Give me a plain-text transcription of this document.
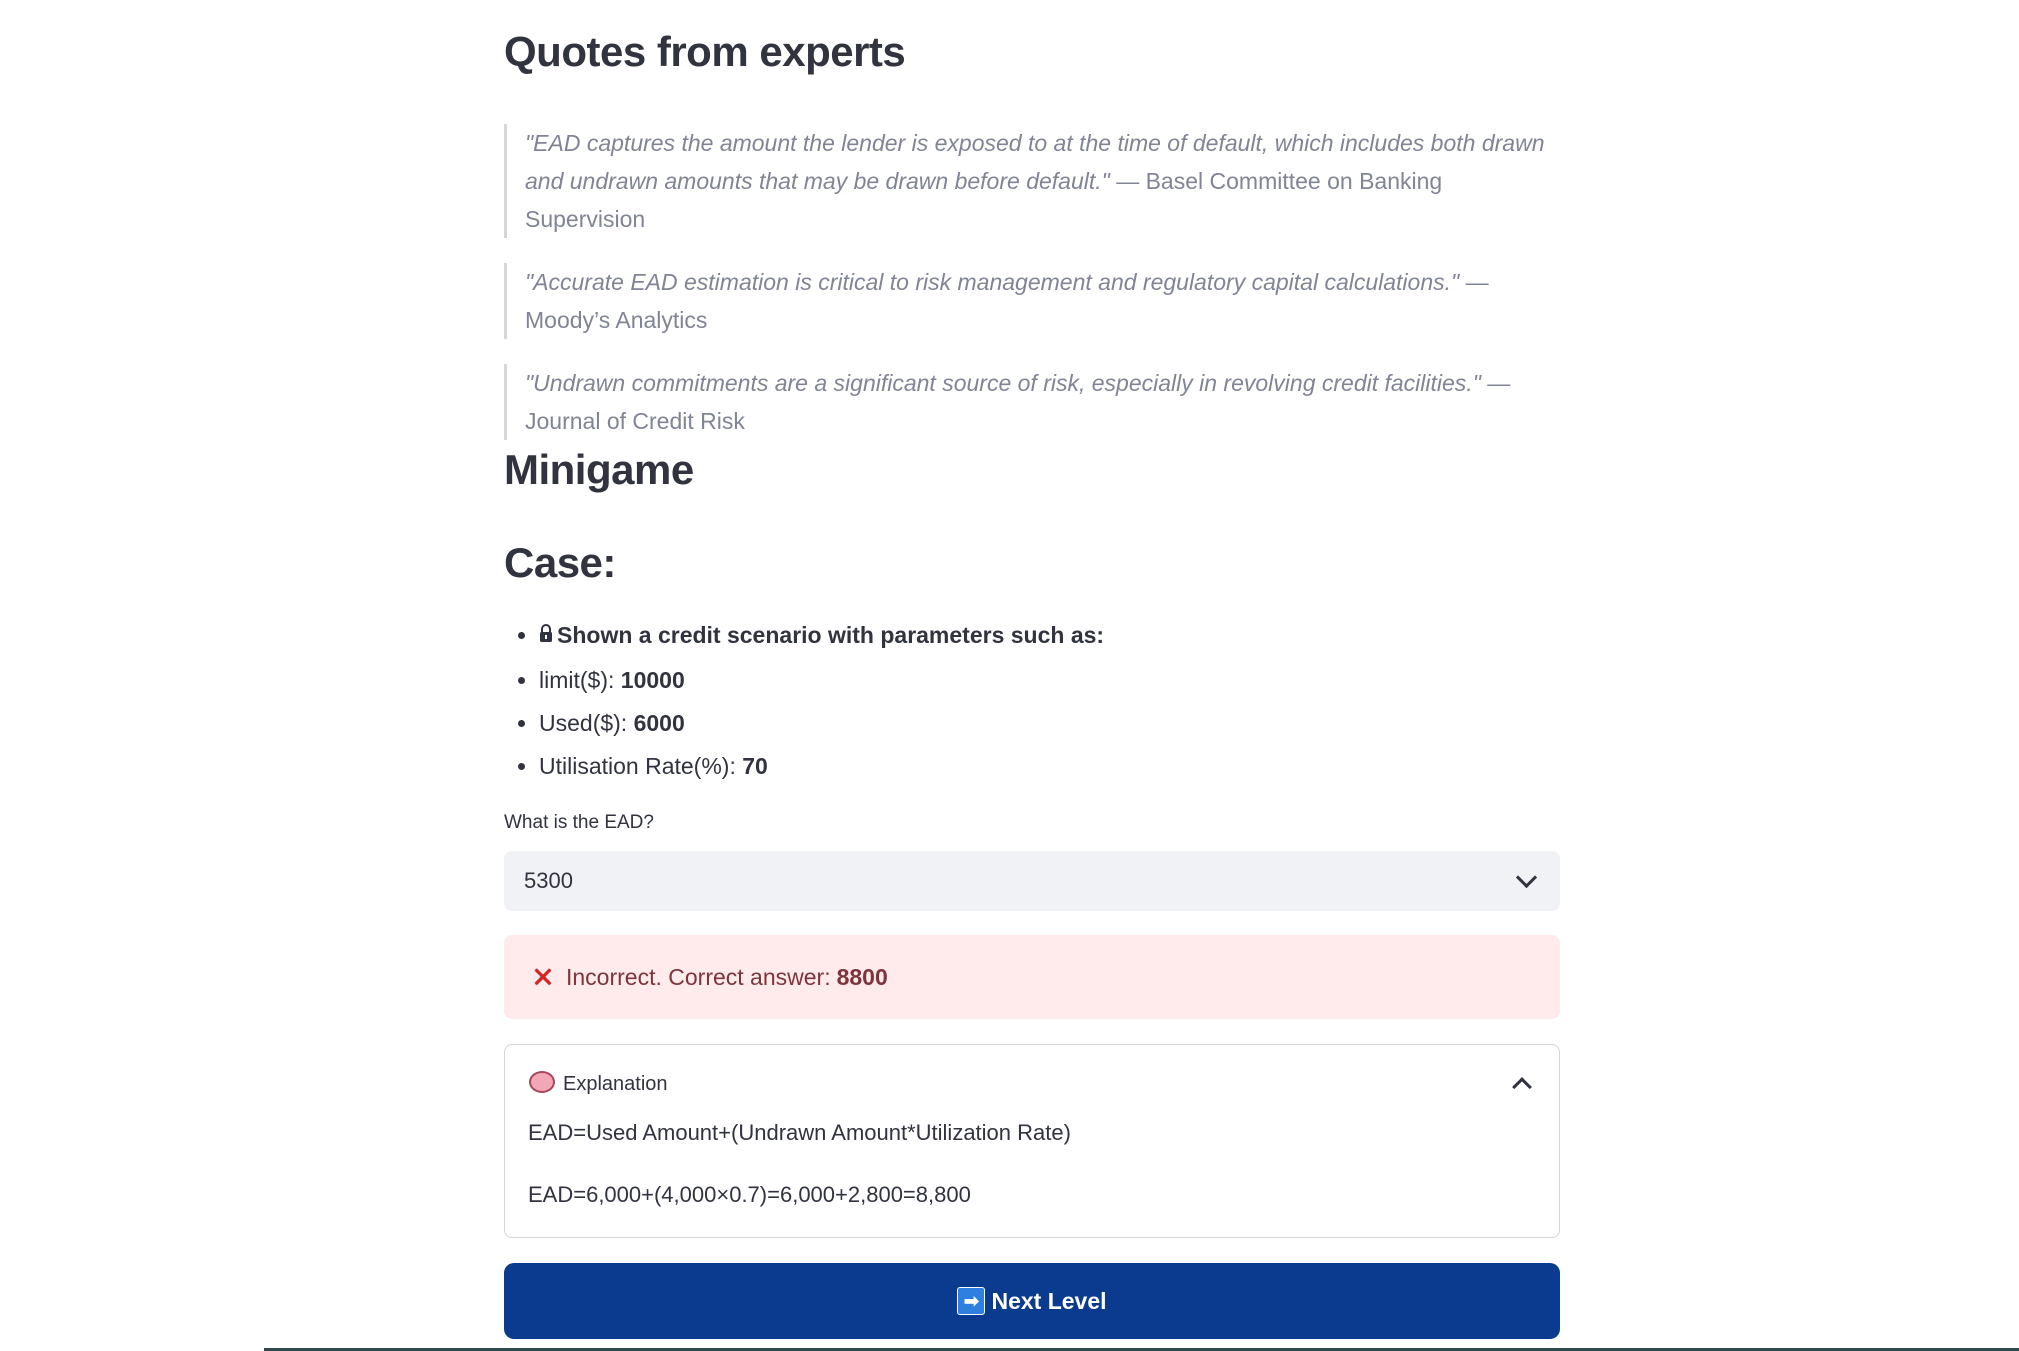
Quotes from experts
"EAD captures the amount the lender is exposed to at the time of default, which includes both drawn and undrawn amounts that may be drawn before default." — Basel Committee on Banking Supervision
"Accurate EAD estimation is critical to risk management and regulatory capital calculations." — Moody’s Analytics
"Undrawn commitments are a significant source of risk, especially in revolving credit facilities." — Journal of Credit Risk
Minigame
Case:
• Shown a credit scenario with parameters such as:
• limit($): 10000
• Used($): 6000
• Utilisation Rate(%): 70
What is the EAD?
5300
✕ Incorrect. Correct answer: 8800
Explanation
EAD=Used Amount+(Undrawn Amount*Utilization Rate)
EAD=6,000+(4,000×0.7)=6,000+2,800=8,800
➡ Next Level
